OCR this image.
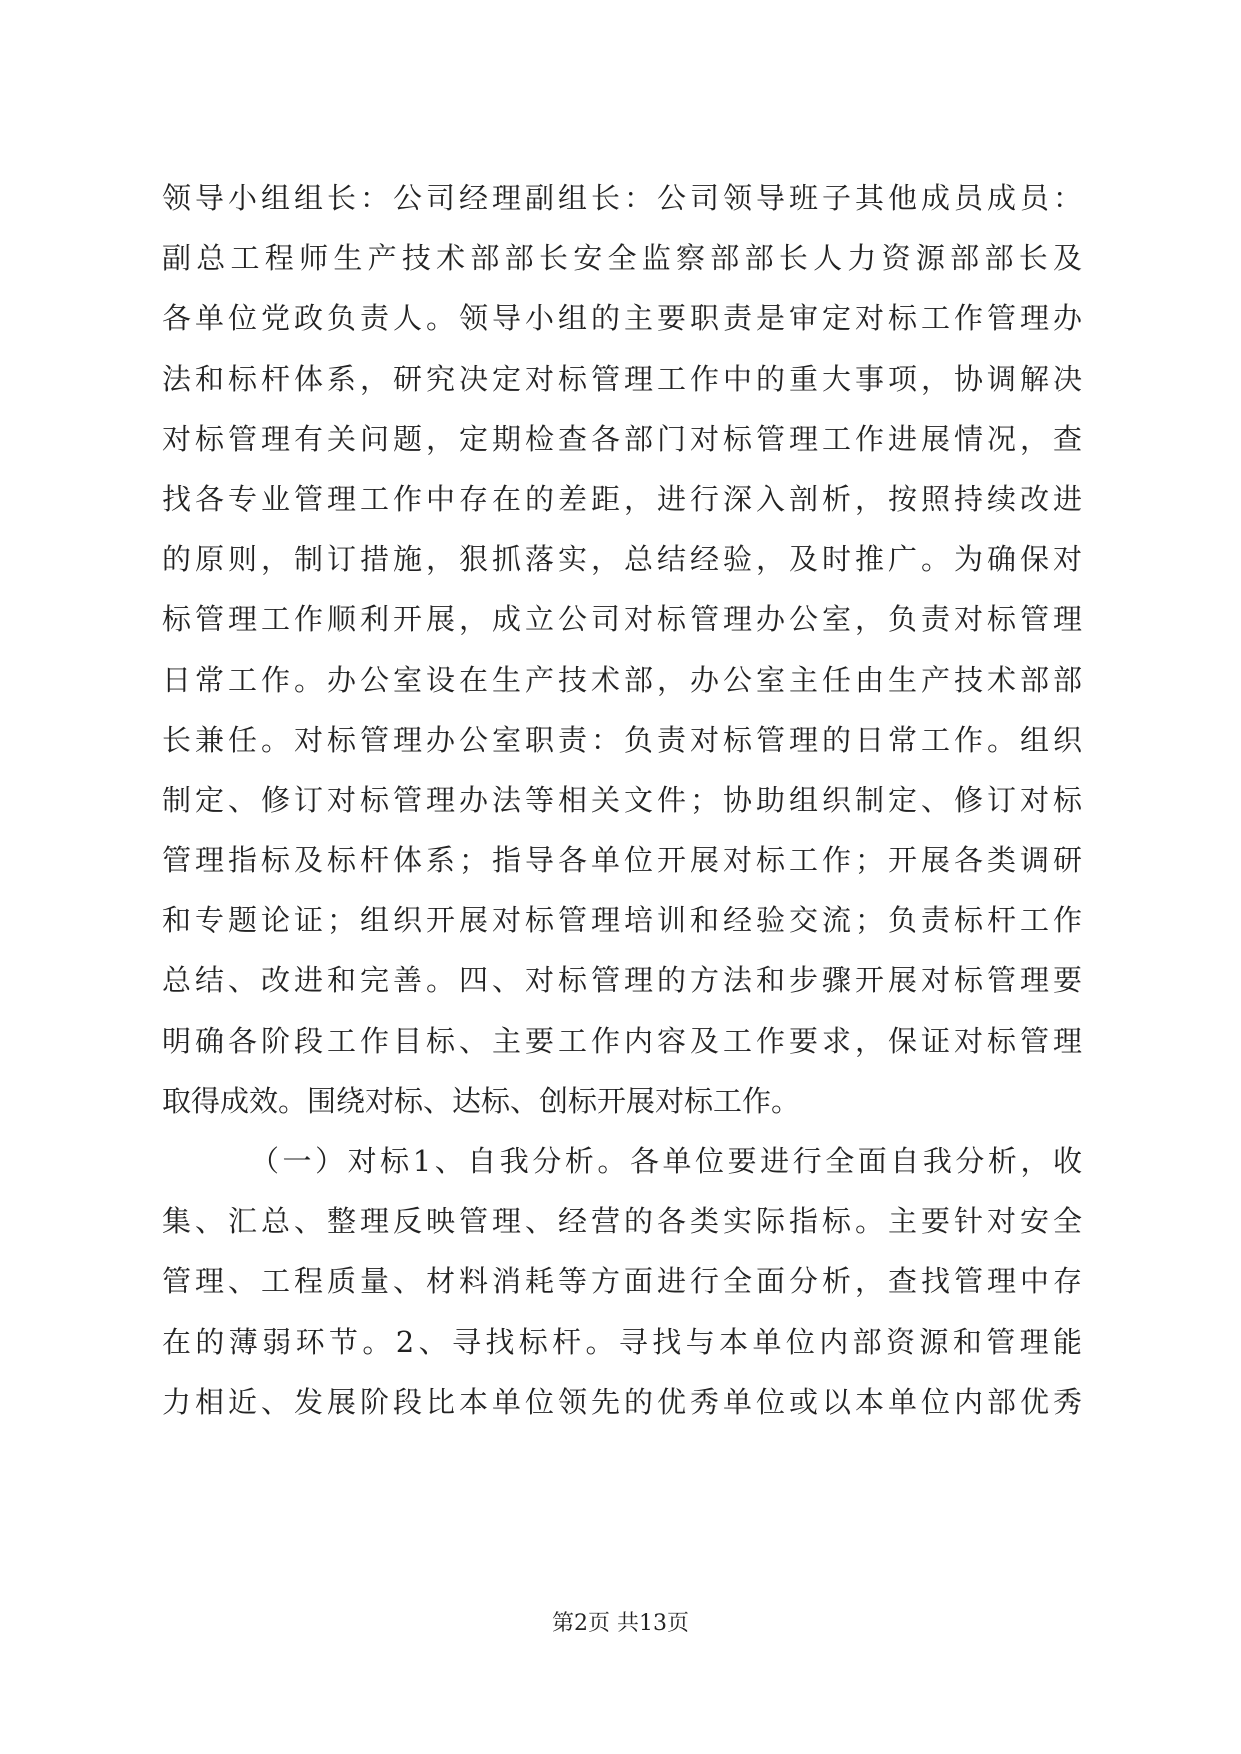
领导小组组长：公司经理副组长：公司领导班子其他成员成员：
副总工程师生产技术部部长安全监察部部长人力资源部部长及
各单位党政负责人。领导小组的主要职责是审定对标工作管理办
法和标杆体系，研究决定对标管理工作中的重大事项，协调解决
对标管理有关问题，定期检查各部门对标管理工作进展情况，查
找各专业管理工作中存在的差距，进行深入剖析，按照持续改进
的原则，制订措施，狠抓落实，总结经验，及时推广。为确保对
标管理工作顺利开展，成立公司对标管理办公室，负责对标管理
日常工作。办公室设在生产技术部，办公室主任由生产技术部部
长兼任。对标管理办公室职责：负责对标管理的日常工作。组织
制定、修订对标管理办法等相关文件；协助组织制定、修订对标
管理指标及标杆体系；指导各单位开展对标工作；开展各类调研
和专题论证；组织开展对标管理培训和经验交流；负责标杆工作
总结、改进和完善。四、对标管理的方法和步骤开展对标管理要
明确各阶段工作目标、主要工作内容及工作要求，保证对标管理
取得成效。围绕对标、达标、创标开展对标工作。
（一）对标1、自我分析。各单位要进行全面自我分析，收
集、汇总、整理反映管理、经营的各类实际指标。主要针对安全
管理、工程质量、材料消耗等方面进行全面分析，查找管理中存
在的薄弱环节。2、寻找标杆。寻找与本单位内部资源和管理能
力相近、发展阶段比本单位领先的优秀单位或以本单位内部优秀
第2页 共13页
